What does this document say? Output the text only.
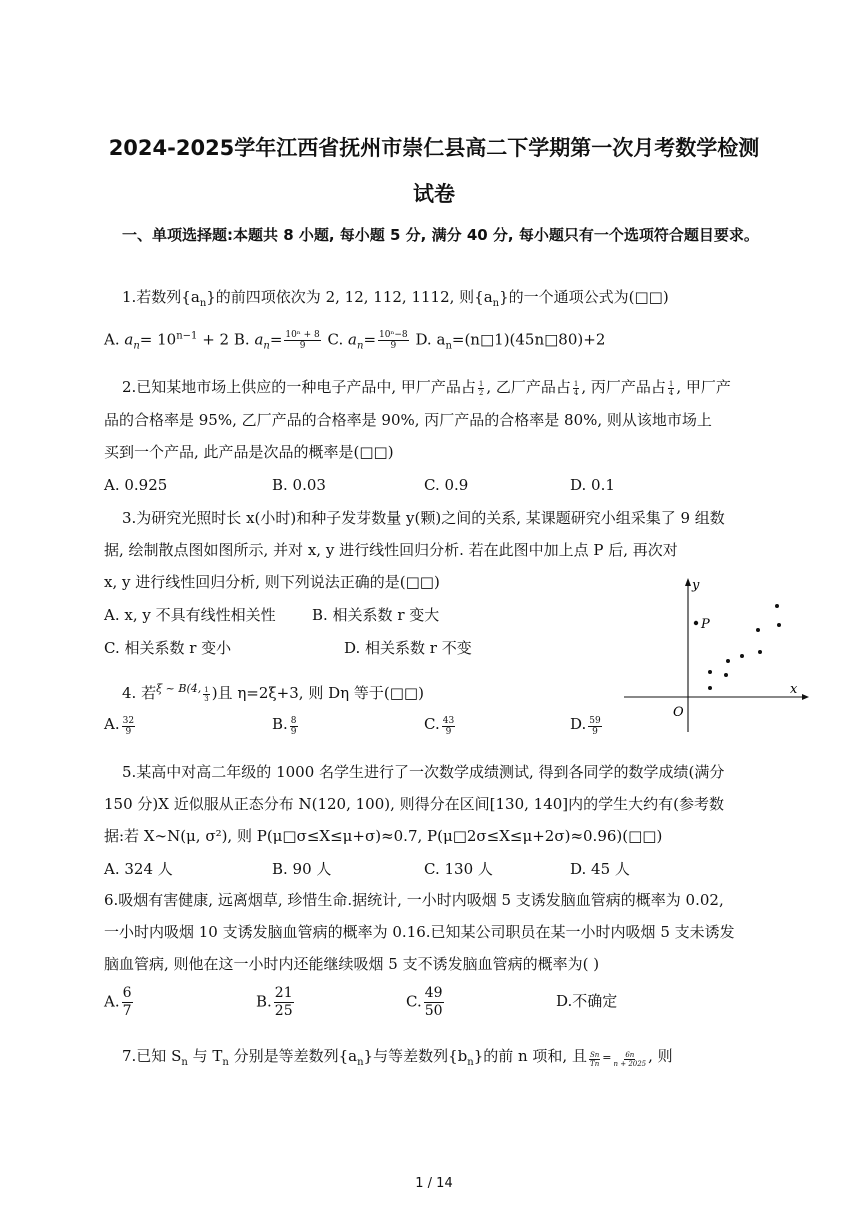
2024-2025学年江西省抚州市崇仁县高二下学期第一次月考数学检测
试卷
一、单项选择题:本题共 8 小题, 每小题 5 分, 满分 40 分, 每小题只有一个选项符合题目要求。
1.若数列$\{a_n\}$的前四项依次为 2, 12, 112, 1112, 则$\{a_n\}$的一个通项公式为(□□)
A. $a_n= 10^{n-1} + 2$ B. $a_n= \frac{\text{10ⁿ + 8}}{9} C$. $a_n= \frac{\text{10ⁿ−8}}{9} D$. $a_n=(n□1)(45n□80)+2$
2.已知某地市场上供应的一种电子产品中, 甲厂产品占 $\frac{1}{2}$ , 乙厂产品占 $\frac{1}{4}$ , 丙厂产品占 $\frac{1}{4}$ , 甲厂产
品的合格率是 95%, 乙厂产品的合格率是 90%, 丙厂产品的合格率是 80%, 则从该地市场上
买到一个产品, 此产品是次品的概率是(□□)
A. 0.925	B. 0.03	C. 0.9	D. 0.1
3.为研究光照时长 x(小时)和种子发芽数量 y(颗)之间的关系, 某课题研究小组采集了 9 组数
据, 绘制散点图如图所示, 并对 x, y 进行线性回归分析. 若在此图中加上点 P 后, 再次对
x, y 进行线性回归分析, 则下列说法正确的是(□□)
A. x, y 不具有线性相关性 B. 相关系数 r 变大
C. 相关系数 r 变小	D. 相关系数 r 不变
y
x
O
P
4. 若$^{\xi \sim B(4,} \frac{1}{3}$ )且 η=2ξ+3, 则 Dη 等于(□□)
A. $\frac{32}{9}$	B. $\frac{8}{9}$	C. $\frac{43}{9}$	D. $\frac{59}{9}$
5.某高中对高二年级的 1000 名学生进行了一次数学成绩测试, 得到各同学的数学成绩(满分
150 分)X 近似服从正态分布 N(120, 100), 则得分在区间[130, 140]内的学生大约有(参考数
据:若 X∼N(μ, σ²), 则 P(μ□σ≤X≤μ+σ)≈0.7, P(μ□2σ≤X≤μ+2σ)≈0.96)(□□)
A. 324 人	B. 90 人	C. 130 人	D. 45 人
6.吸烟有害健康, 远离烟草, 珍惜生命.据统计, 一小时内吸烟 5 支诱发脑血管病的概率为 0.02,
一小时内吸烟 10 支诱发脑血管病的概率为 0.16.已知某公司职员在某一小时内吸烟 5 支未诱发
脑血管病, 则他在这一小时内还能继续吸烟 5 支不诱发脑血管病的概率为( )
A. $\frac{6}{7}$	B. $\frac{21}{25}$	C. $\frac{49}{50}$	D.不确定
7.已知 $S_n$ 与 $T_n$ 分别是等差数列$\{a_n\}$与等差数列$\{b_n\}$的前 n 项和, 且 $\frac{Sn}{Tn} = \frac{6n}{n + 2025}$ , 则
1 / 14
